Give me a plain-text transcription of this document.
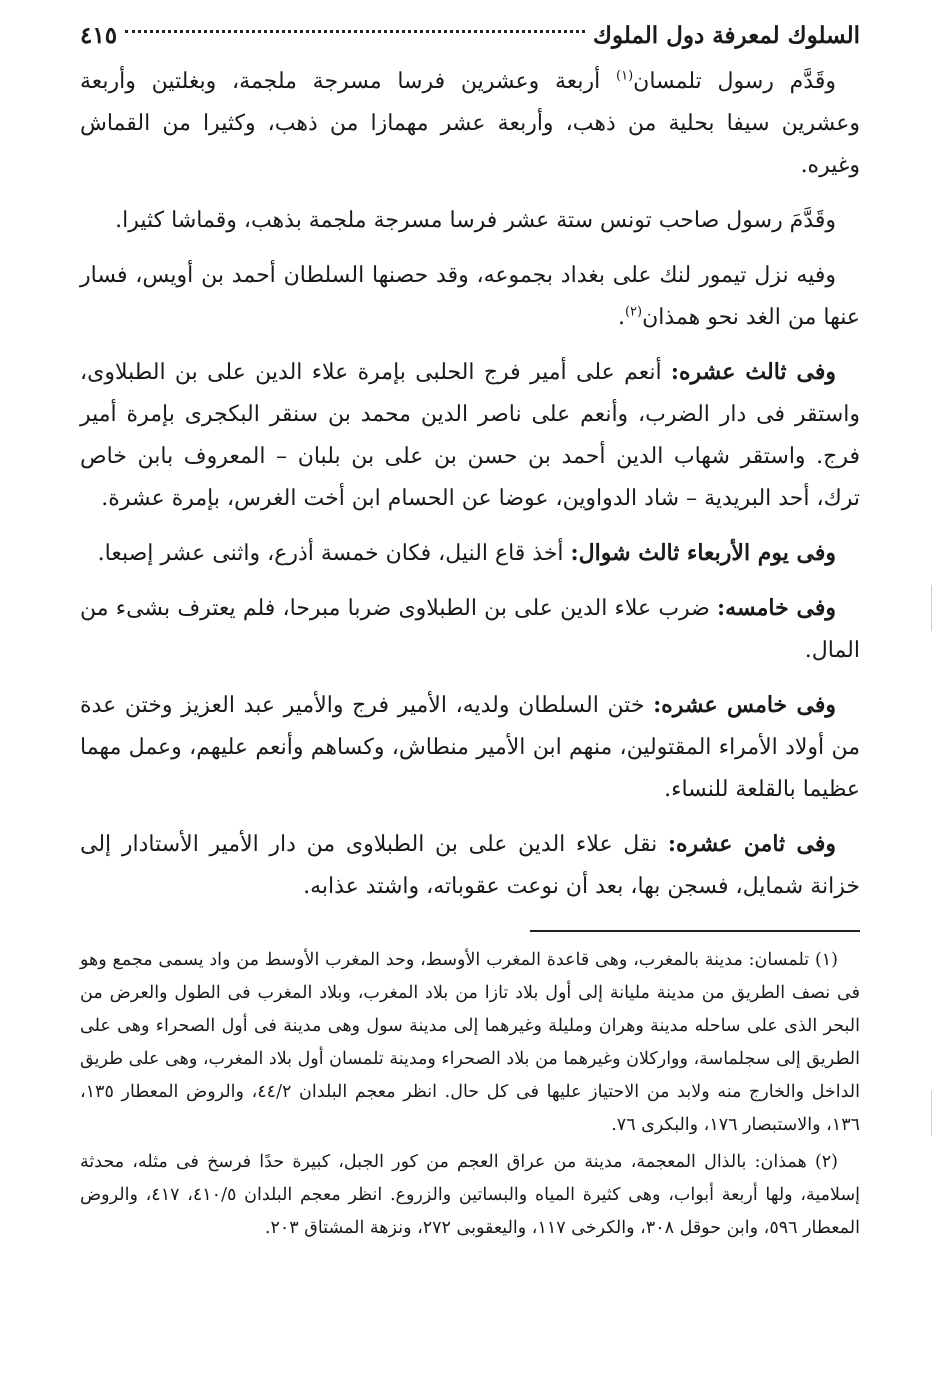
السلوك لمعرفة دول الملوك
٤١٥

وقَدَّم رسول تلمسان$^{(١)}$ أربعة وعشرين فرسا مسرجة ملجمة، وبغلتين وأربعة وعشرين سيفا بحلية من ذهب، وأربعة عشر مهمازا من ذهب، وكثيرا من القماش وغيره.

وقَدَّمَ رسول صاحب تونس ستة عشر فرسا مسرجة ملجمة بذهب، وقماشا كثيرا.

وفيه نزل تيمور لنك على بغداد بجموعه، وقد حصنها السلطان أحمد بن أويس، فسار عنها من الغد نحو همذان$^{(٢)}$.

وفى ثالث عشره: أنعم على أمير فرج الحلبى بإمرة علاء الدين على بن الطبلاوى، واستقر فى دار الضرب، وأنعم على ناصر الدين محمد بن سنقر البكجرى بإمرة أمير فرج. واستقر شهاب الدين أحمد بن حسن بن على بن بلبان – المعروف بابن خاص ترك، أحد البريدية – شاد الدواوين، عوضا عن الحسام ابن أخت الغرس، بإمرة عشرة.

وفى يوم الأربعاء ثالث شوال: أخذ قاع النيل، فكان خمسة أذرع، واثنى عشر إصبعا.

وفى خامسه: ضرب علاء الدين على بن الطبلاوى ضربا مبرحا، فلم يعترف بشىء من المال.

وفى خامس عشره: ختن السلطان ولديه، الأمير فرج والأمير عبد العزيز وختن عدة من أولاد الأمراء المقتولين، منهم ابن الأمير منطاش، وكساهم وأنعم عليهم، وعمل مهما عظيما بالقلعة للنساء.

وفى ثامن عشره: نقل علاء الدين على بن الطبلاوى من دار الأمير الأستادار إلى خزانة شمايل، فسجن بها، بعد أن نوعت عقوباته، واشتد عذابه.

(١) تلمسان: مدينة بالمغرب، وهى قاعدة المغرب الأوسط، وحد المغرب الأوسط من واد يسمى مجمع وهو فى نصف الطريق من مدينة مليانة إلى أول بلاد تازا من بلاد المغرب، وبلاد المغرب فى الطول والعرض من البحر الذى على ساحله مدينة وهران ومليلة وغيرهما إلى مدينة سول وهى مدينة فى أول الصحراء وهى على الطريق إلى سجلماسة، وواركلان وغيرهما من بلاد الصحراء ومدينة تلمسان أول بلاد المغرب، وهى على طريق الداخل والخارج منه ولابد من الاحتياز عليها فى كل حال. انظر معجم البلدان ٤٤/٢، والروض المعطار ١٣٥، ١٣٦، والاستبصار ١٧٦، والبكرى ٧٦.

(٢) همذان: بالذال المعجمة، مدينة من عراق العجم من كور الجبل، كبيرة حدًا فرسخ فى مثله، محدثة إسلامية، ولها أربعة أبواب، وهى كثيرة المياه والبساتين والزروع. انظر معجم البلدان ٤١٠/٥، ٤١٧، والروض المعطار ٥٩٦، وابن حوقل ٣٠٨، والكرخى ١١٧، واليعقوبى ٢٧٢، ونزهة المشتاق ٢٠٣.
